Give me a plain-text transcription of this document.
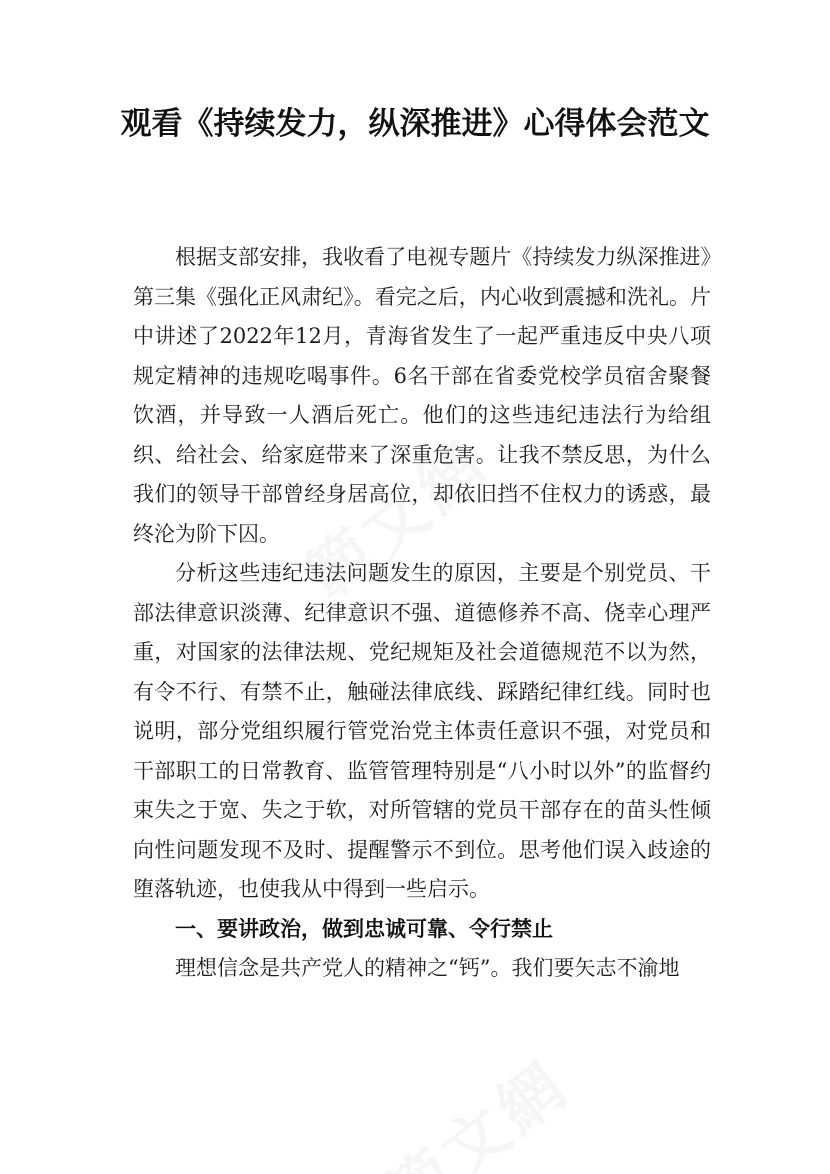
观看《持续发力，纵深推进》心得体会范文

根据支部安排，我收看了电视专题片《持续发力纵深推进》第三集《强化正风肃纪》。看完之后，内心收到震撼和洗礼。片中讲述了2022年12月，青海省发生了一起严重违反中央八项规定精神的违规吃喝事件。6名干部在省委党校学员宿舍聚餐饮酒，并导致一人酒后死亡。他们的这些违纪违法行为给组织、给社会、给家庭带来了深重危害。让我不禁反思，为什么我们的领导干部曾经身居高位，却依旧挡不住权力的诱惑，最终沦为阶下囚。

分析这些违纪违法问题发生的原因，主要是个别党员、干部法律意识淡薄、纪律意识不强、道德修养不高、侥幸心理严重，对国家的法律法规、党纪规矩及社会道德规范不以为然，有令不行、有禁不止，触碰法律底线、踩踏纪律红线。同时也说明，部分党组织履行管党治党主体责任意识不强，对党员和干部职工的日常教育、监管管理特别是“八小时以外”的监督约束失之于宽、失之于软，对所管辖的党员干部存在的苗头性倾向性问题发现不及时、提醒警示不到位。思考他们误入歧途的堕落轨迹，也使我从中得到一些启示。

一、要讲政治，做到忠诚可靠、令行禁止

理想信念是共产党人的精神之“钙”。我们要矢志不渝地
